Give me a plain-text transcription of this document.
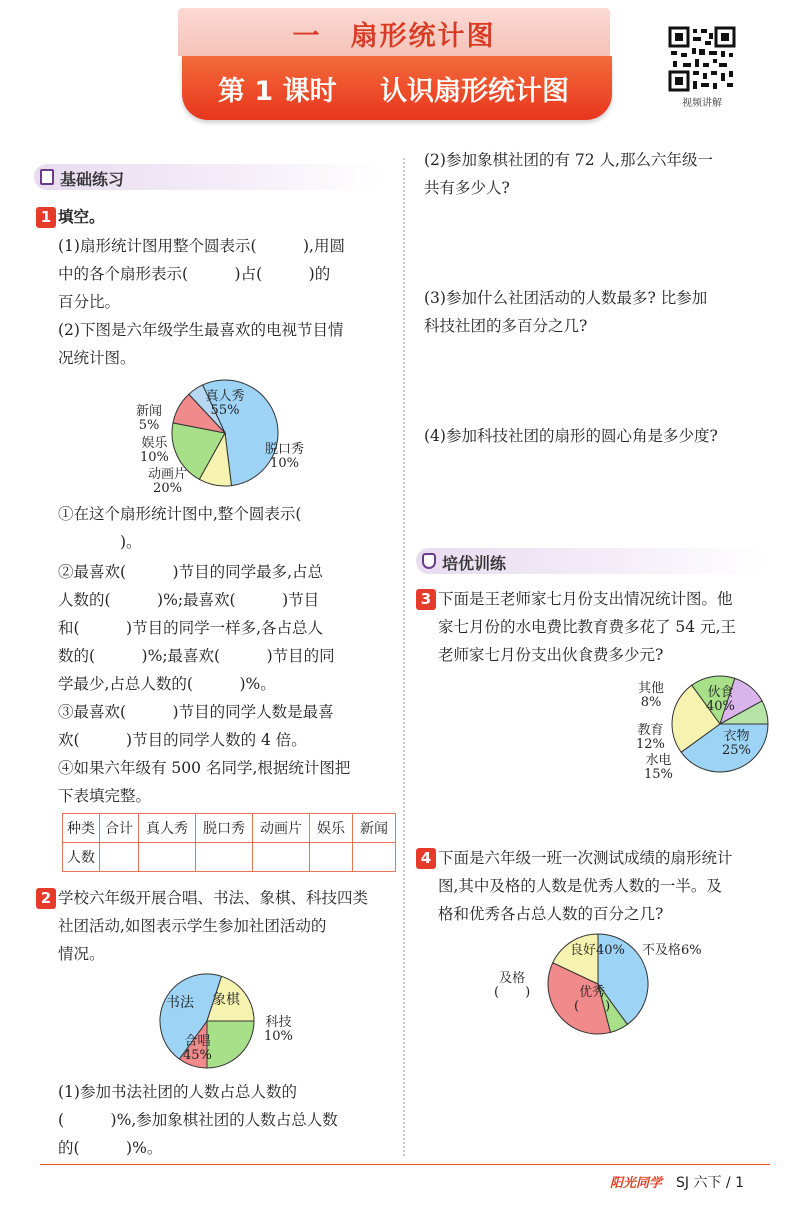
一　扇形统计图
第 1 课时 认识扇形统计图	视频讲解
基础练习
1 填空。
(1)扇形统计图用整个圆表示(　　　),用圆
中的各个扇形表示(　　　)占(　　　)的
百分比。
(2)下图是六年级学生最喜欢的电视节目情
况统计图。
真人秀
55%
脱口秀
10%
动画片
20%
娱乐
10%
新闻
5%
①在这个扇形统计图中,整个圆表示(
　　　　)。
②最喜欢(　　　)节目的同学最多,占总
人数的(　　　)%;最喜欢(　　　)节目
和(　　　)节目的同学一样多,各占总人
数的(　　　)%;最喜欢(　　　)节目的同
学最少,占总人数的(　　　)%。
③最喜欢(　　　)节目的同学人数是最喜
欢(　　　)节目的同学人数的 4 倍。
④如果六年级有 500 名同学,根据统计图把
下表填完整。
种类	合计	真人秀	脱口秀	动画片	娱乐	新闻
人数						
2 学校六年级开展合唱、书法、象棋、科技四类
社团活动,如图表示学生参加社团活动的
情况。
象棋
科技
10%
合唱
45%
书法
(1)参加书法社团的人数占总人数的
(　　　)%,参加象棋社团的人数占总人数
的(　　　)%。
(2)参加象棋社团的有 72 人,那么六年级一
共有多少人?
(3)参加什么社团活动的人数最多? 比参加
科技社团的多百分之几?
(4)参加科技社团的扇形的圆心角是多少度?
培优训练
3 下面是王老师家七月份支出情况统计图。他
家七月份的水电费比教育费多花了 54 元,王
老师家七月份支出伙食费多少元?
伙食
40%
衣物
25%
水电
15%
教育
12%
其他
8%
4 下面是六年级一班一次测试成绩的扇形统计
图,其中及格的人数是优秀人数的一半。及
格和优秀各占总人数的百分之几?
良好40% 不及格6%
优秀
(　　)
及格
(　　)
阳光同学 SJ 六下 / 1
